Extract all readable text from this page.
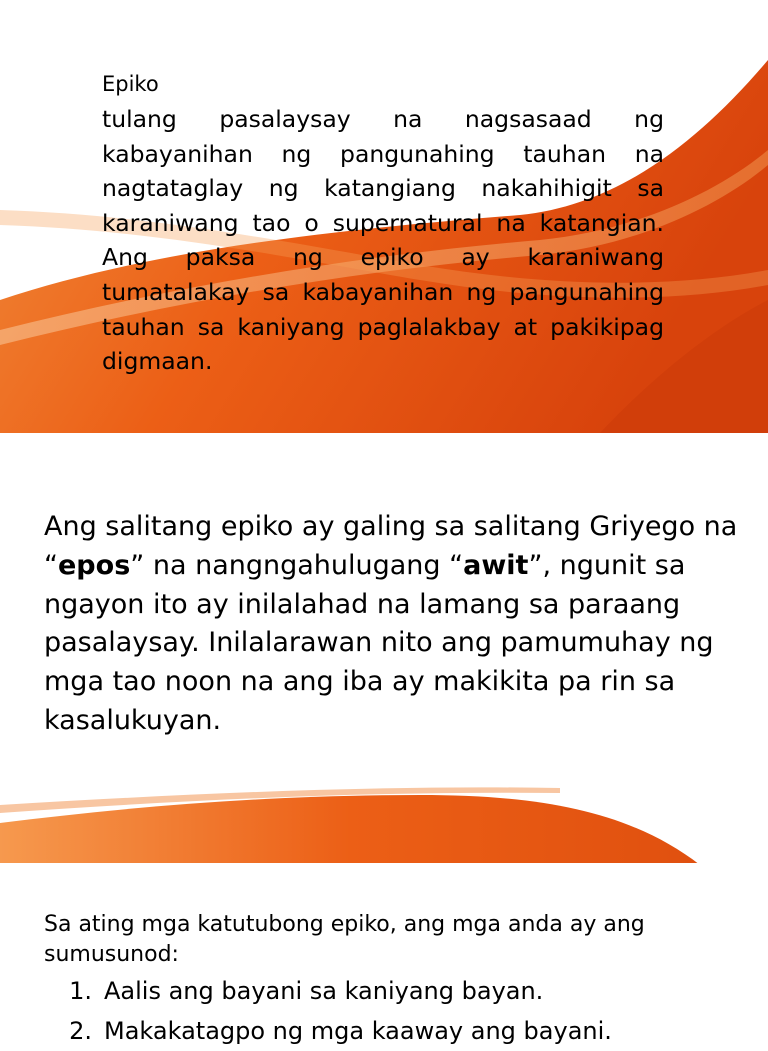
Epiko

tulang pasalaysay na nagsasaad ng kabayanihan ng pangunahing tauhan na nagtataglay ng katangiang nakahihigit sa karaniwang tao o supernatural na katangian. Ang paksa ng epiko ay karaniwang tumatalakay sa kabayanihan ng pangunahing tauhan sa kaniyang paglalakbay at pakikipag digmaan.

Ang salitang epiko ay galing sa salitang Griyego na “epos” na nangngahulugang “awit”, ngunit sa ngayon ito ay inilalahad na lamang sa paraang pasalaysay. Inilalarawan nito ang pamumuhay ng mga tao noon na ang iba ay makikita pa rin sa kasalukuyan.

Sa ating mga katutubong epiko, ang mga anda ay ang sumusunod:

1. Aalis ang bayani sa kaniyang bayan.
2. Makakatagpo ng mga kaaway ang bayani.
